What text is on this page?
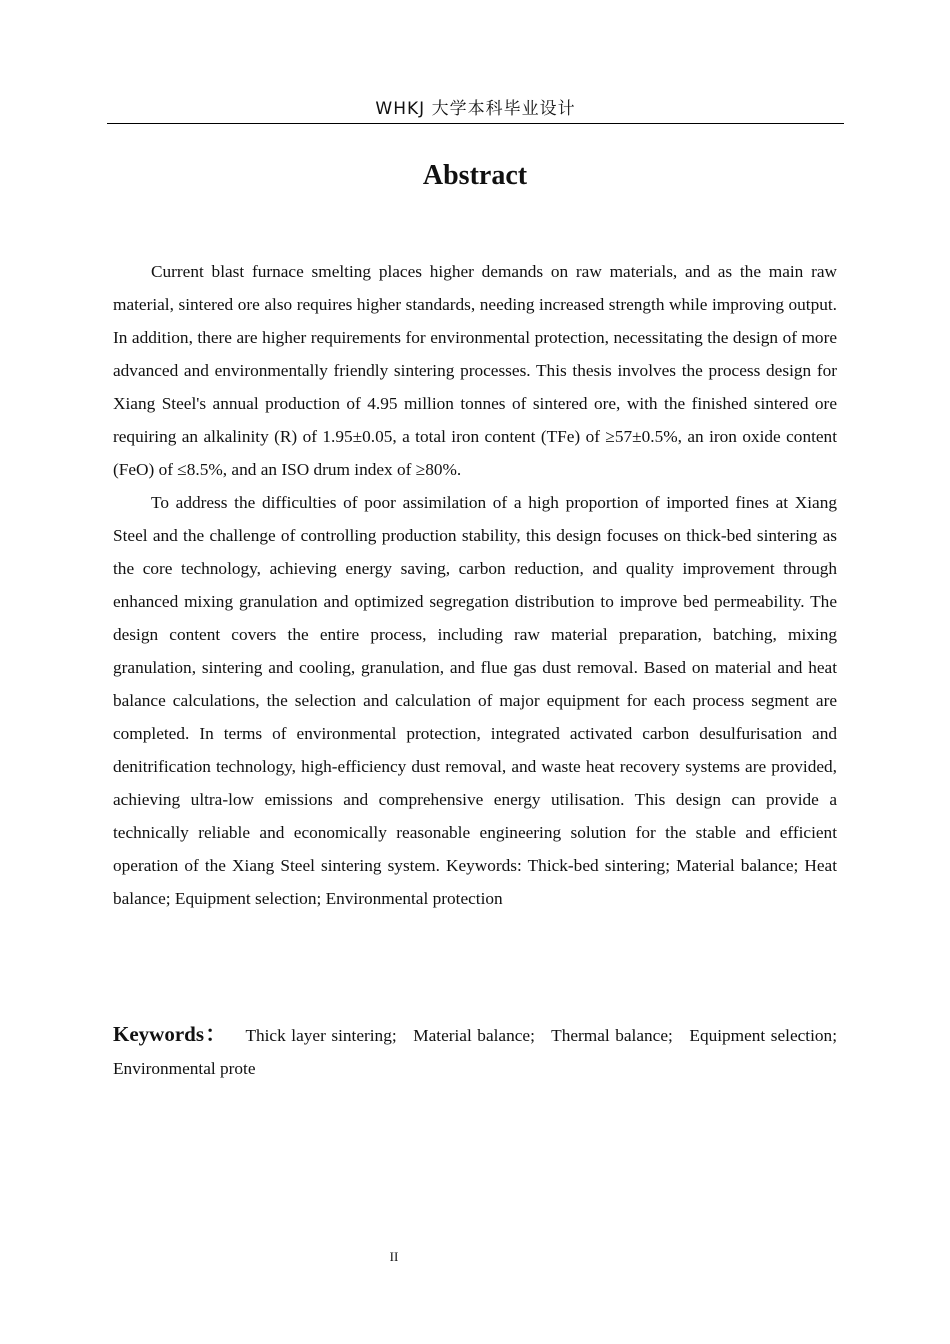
WHKJ 大学本科毕业设计
Abstract

Current blast furnace smelting places higher demands on raw materials, and as the main raw material, sintered ore also requires higher standards, needing increased strength while improving output. In addition, there are higher requirements for environmental protection, necessitating the design of more advanced and environmentally friendly sintering processes. This thesis involves the process design for Xiang Steel's annual production of 4.95 million tonnes of sintered ore, with the finished sintered ore requiring an alkalinity (R) of 1.95±0.05, a total iron content (TFe) of ≥57±0.5%, an iron oxide content (FeO) of ≤8.5%, and an ISO drum index of ≥80%.

To address the difficulties of poor assimilation of a high proportion of imported fines at Xiang Steel and the challenge of controlling production stability, this design focuses on thick-bed sintering as the core technology, achieving energy saving, carbon reduction, and quality improvement through enhanced mixing granulation and optimized segregation distribution to improve bed permeability. The design content covers the entire process, including raw material preparation, batching, mixing granulation, sintering and cooling, granulation, and flue gas dust removal. Based on material and heat balance calculations, the selection and calculation of major equipment for each process segment are completed. In terms of environmental protection, integrated activated carbon desulfurisation and denitrification technology, high-efficiency dust removal, and waste heat recovery systems are provided, achieving ultra-low emissions and comprehensive energy utilisation. This design can provide a technically reliable and economically reasonable engineering solution for the stable and efficient operation of the Xiang Steel sintering system. Keywords: Thick-bed sintering; Material balance; Heat balance; Equipment selection; Environmental protection

Keywords： Thick layer sintering;   Material balance;   Thermal balance;   Equipment selection;   Environmental prote
II
